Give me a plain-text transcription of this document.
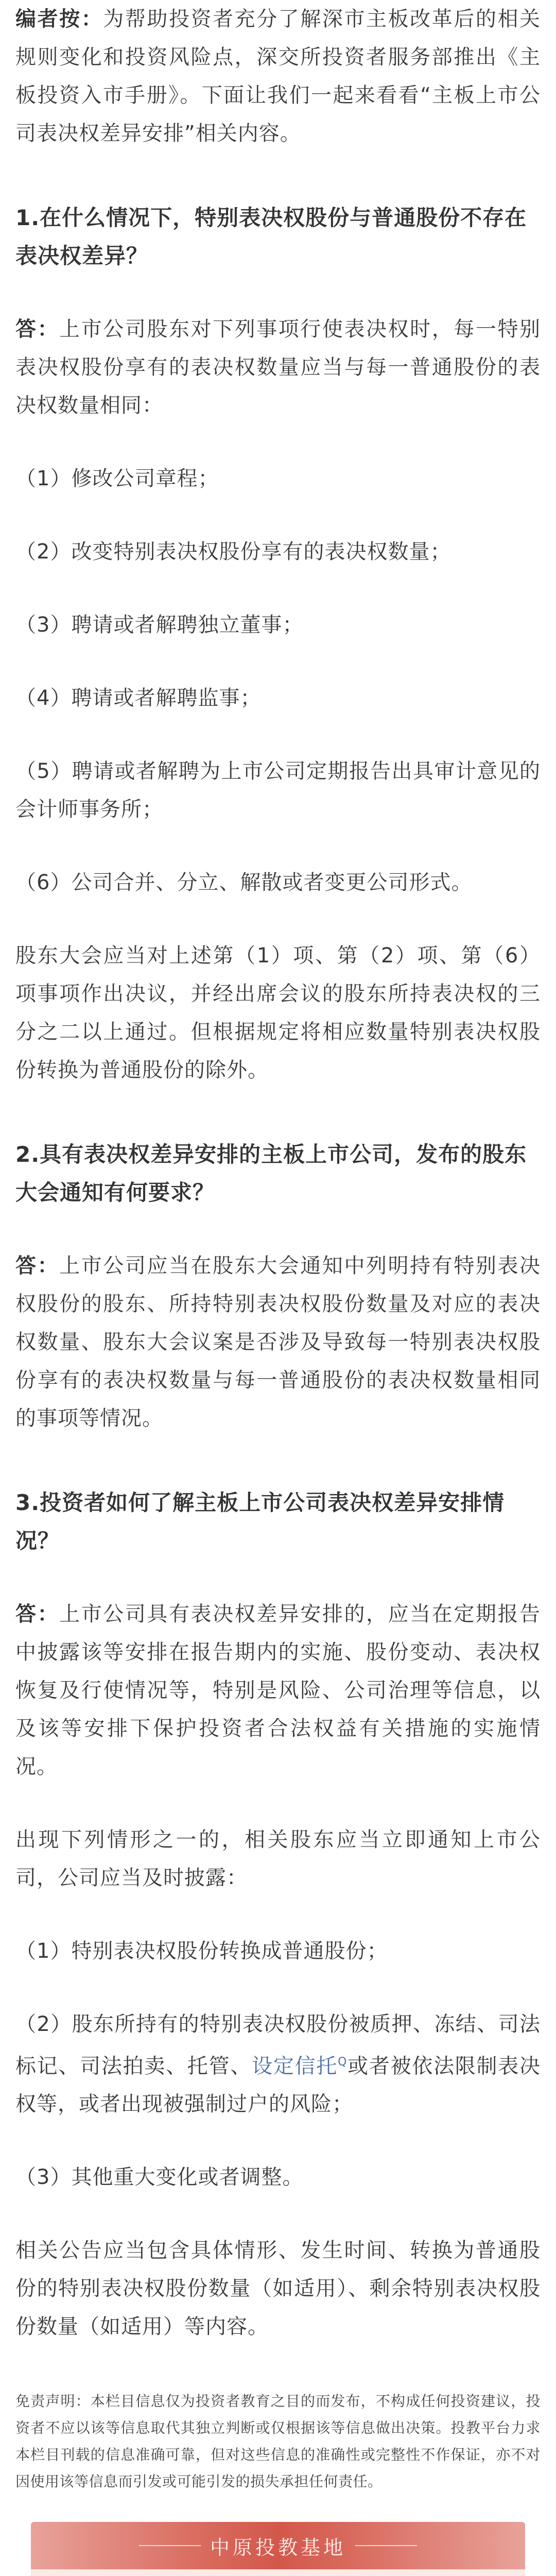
编者按：为帮助投资者充分了解深市主板改革后的相关规则变化和投资风险点，深交所投资者服务部推出《主板投资入市手册》。下面让我们一起来看看“主板上市公司表决权差异安排”相关内容。

1.在什么情况下，特别表决权股份与普通股份不存在表决权差异？

答：上市公司股东对下列事项行使表决权时，每一特别表决权股份享有的表决权数量应当与每一普通股份的表决权数量相同：

（1）修改公司章程；

（2）改变特别表决权股份享有的表决权数量；

（3）聘请或者解聘独立董事；

（4）聘请或者解聘监事；

（5）聘请或者解聘为上市公司定期报告出具审计意见的会计师事务所；

（6）公司合并、分立、解散或者变更公司形式。

股东大会应当对上述第（1）项、第（2）项、第（6）项事项作出决议，并经出席会议的股东所持表决权的三分之二以上通过。但根据规定将相应数量特别表决权股份转换为普通股份的除外。

2.具有表决权差异安排的主板上市公司，发布的股东大会通知有何要求？

答：上市公司应当在股东大会通知中列明持有特别表决权股份的股东、所持特别表决权股份数量及对应的表决权数量、股东大会议案是否涉及导致每一特别表决权股份享有的表决权数量与每一普通股份的表决权数量相同的事项等情况。

3.投资者如何了解主板上市公司表决权差异安排情况？

答：上市公司具有表决权差异安排的，应当在定期报告中披露该等安排在报告期内的实施、股份变动、表决权恢复及行使情况等，特别是风险、公司治理等信息，以及该等安排下保护投资者合法权益有关措施的实施情况。

出现下列情形之一的，相关股东应当立即通知上市公司，公司应当及时披露：

（1）特别表决权股份转换成普通股份；

（2）股东所持有的特别表决权股份被质押、冻结、司法标记、司法拍卖、托管、设定信托$^Q$或者被依法限制表决权等，或者出现被强制过户的风险；

（3）其他重大变化或者调整。

相关公告应当包含具体情形、发生时间、转换为普通股份的特别表决权股份数量（如适用）、剩余特别表决权股份数量（如适用）等内容。

免责声明：本栏目信息仅为投资者教育之目的而发布，不构成任何投资建议，投资者不应以该等信息取代其独立判断或仅根据该等信息做出决策。投教平台力求本栏目刊载的信息准确可靠，但对这些信息的准确性或完整性不作保证，亦不对因使用该等信息而引发或可能引发的损失承担任何责任。

中原投教基地
